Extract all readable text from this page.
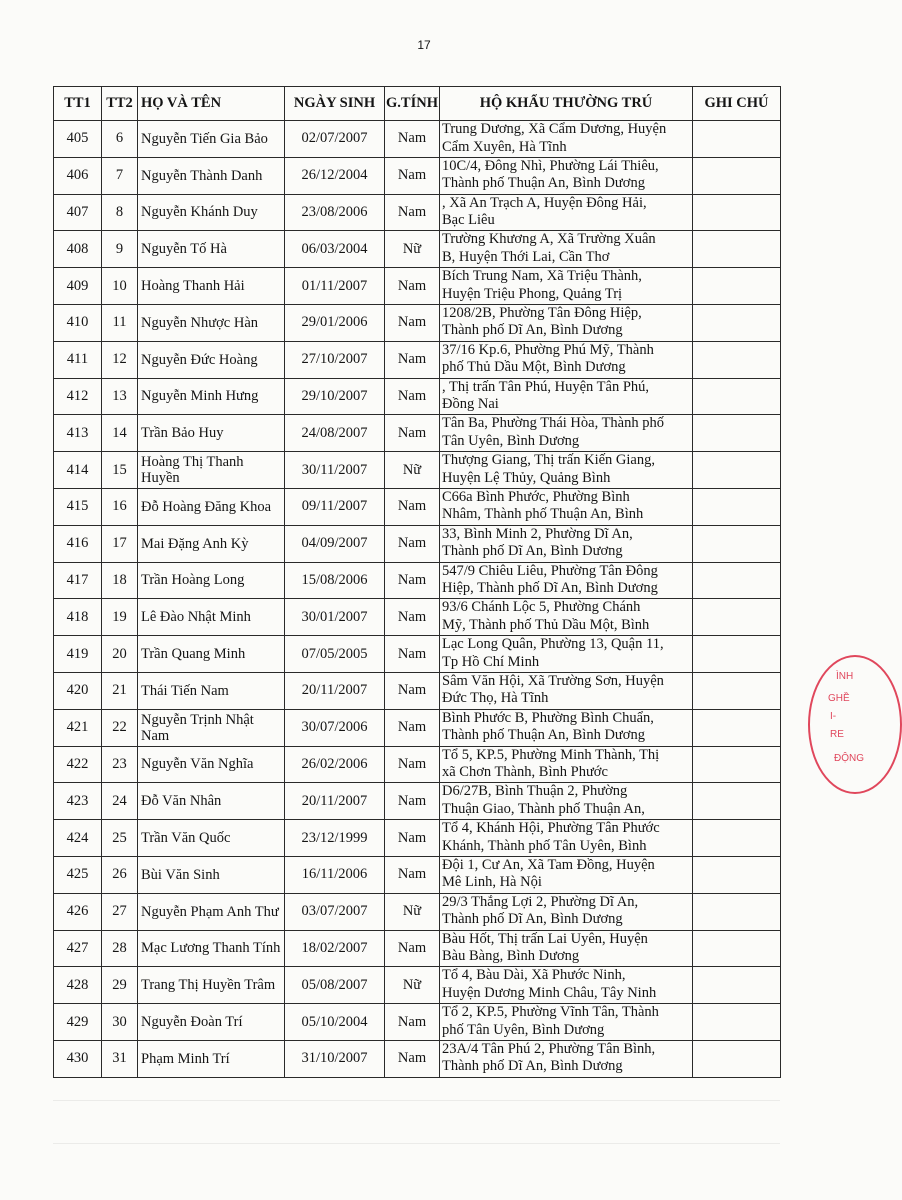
17
TT1	TT2	HỌ VÀ TÊN	NGÀY SINH	G.TÍNH	HỘ KHẨU THƯỜNG TRÚ	GHI CHÚ
405	6	Nguyễn Tiến Gia Bảo	02/07/2007	Nam	Trung Dương, Xã Cẩm Dương, Huyện
Cẩm Xuyên, Hà Tĩnh	

406	7	Nguyễn Thành Danh	26/12/2004	Nam	10C/4, Đông Nhì, Phường Lái Thiêu,
Thành phố Thuận An, Bình Dương	

407	8	Nguyễn Khánh Duy	23/08/2006	Nam	, Xã An Trạch A, Huyện Đông Hải,
Bạc Liêu	

408	9	Nguyễn Tố Hà	06/03/2004	Nữ	Trường Khương A, Xã Trường Xuân
B, Huyện Thới Lai, Cần Thơ	

409	10	Hoàng Thanh Hải	01/11/2007	Nam	Bích Trung Nam, Xã Triệu Thành,
Huyện Triệu Phong, Quảng Trị	

410	11	Nguyễn Nhược Hàn	29/01/2006	Nam	1208/2B, Phường Tân Đông Hiệp,
Thành phố Dĩ An, Bình Dương	

411	12	Nguyễn Đức Hoàng	27/10/2007	Nam	37/16 Kp.6, Phường Phú Mỹ, Thành
phố Thủ Dầu Một, Bình Dương	

412	13	Nguyễn Minh Hưng	29/10/2007	Nam	, Thị trấn Tân Phú, Huyện Tân Phú,
Đồng Nai	

413	14	Trần Bảo Huy	24/08/2007	Nam	Tân Ba, Phường Thái Hòa, Thành phố
Tân Uyên, Bình Dương	

414	15	Hoàng Thị Thanh Huyền	30/11/2007	Nữ	Thượng Giang, Thị trấn Kiến Giang,
Huyện Lệ Thủy, Quảng Bình	

415	16	Đỗ Hoàng Đăng Khoa	09/11/2007	Nam	C66a Bình Phước, Phường Bình
Nhâm, Thành phố Thuận An, Bình	

416	17	Mai Đặng Anh Kỳ	04/09/2007	Nam	33, Bình Minh 2, Phường Dĩ An,
Thành phố Dĩ An, Bình Dương	

417	18	Trần Hoàng Long	15/08/2006	Nam	547/9 Chiêu Liêu, Phường Tân Đông
Hiệp, Thành phố Dĩ An, Bình Dương	

418	19	Lê Đào Nhật Minh	30/01/2007	Nam	93/6 Chánh Lộc 5, Phường Chánh
Mỹ, Thành phố Thủ Dầu Một, Bình	

419	20	Trần Quang Minh	07/05/2005	Nam	Lạc Long Quân, Phường 13, Quận 11,
Tp Hồ Chí Minh	

420	21	Thái Tiến Nam	20/11/2007	Nam	Sâm Văn Hội, Xã Trường Sơn, Huyện
Đức Thọ, Hà Tĩnh	

421	22	Nguyễn Trịnh Nhật Nam	30/07/2006	Nam	Bình Phước B, Phường Bình Chuẩn,
Thành phố Thuận An, Bình Dương	

422	23	Nguyễn Văn Nghĩa	26/02/2006	Nam	Tổ 5, KP.5, Phường Minh Thành, Thị
xã Chơn Thành, Bình Phước	

423	24	Đỗ Văn Nhân	20/11/2007	Nam	D6/27B, Bình Thuận 2, Phường
Thuận Giao, Thành phố Thuận An,	

424	25	Trần Văn Quốc	23/12/1999	Nam	Tổ 4, Khánh Hội, Phường Tân Phước
Khánh, Thành phố Tân Uyên, Bình	

425	26	Bùi Văn Sinh	16/11/2006	Nam	Đội 1, Cư An, Xã Tam Đồng, Huyện
Mê Linh, Hà Nội	

426	27	Nguyễn Phạm Anh Thư	03/07/2007	Nữ	29/3 Thắng Lợi 2, Phường Dĩ An,
Thành phố Dĩ An, Bình Dương	

427	28	Mạc Lương Thanh Tính	18/02/2007	Nam	Bàu Hốt, Thị trấn Lai Uyên, Huyện
Bàu Bàng, Bình Dương	

428	29	Trang Thị Huyền Trâm	05/08/2007	Nữ	Tổ 4, Bàu Dài, Xã Phước Ninh,
Huyện Dương Minh Châu, Tây Ninh	

429	30	Nguyễn Đoàn Trí	05/10/2004	Nam	Tổ 2, KP.5, Phường Vĩnh Tân, Thành
phố Tân Uyên, Bình Dương	

430	31	Phạm Minh Trí	31/10/2007	Nam	23A/4 Tân Phú 2, Phường Tân Bình,
Thành phố Dĩ An, Bình Dương	

ÌNH
GHỀ
I-
RE
ĐỘNG
